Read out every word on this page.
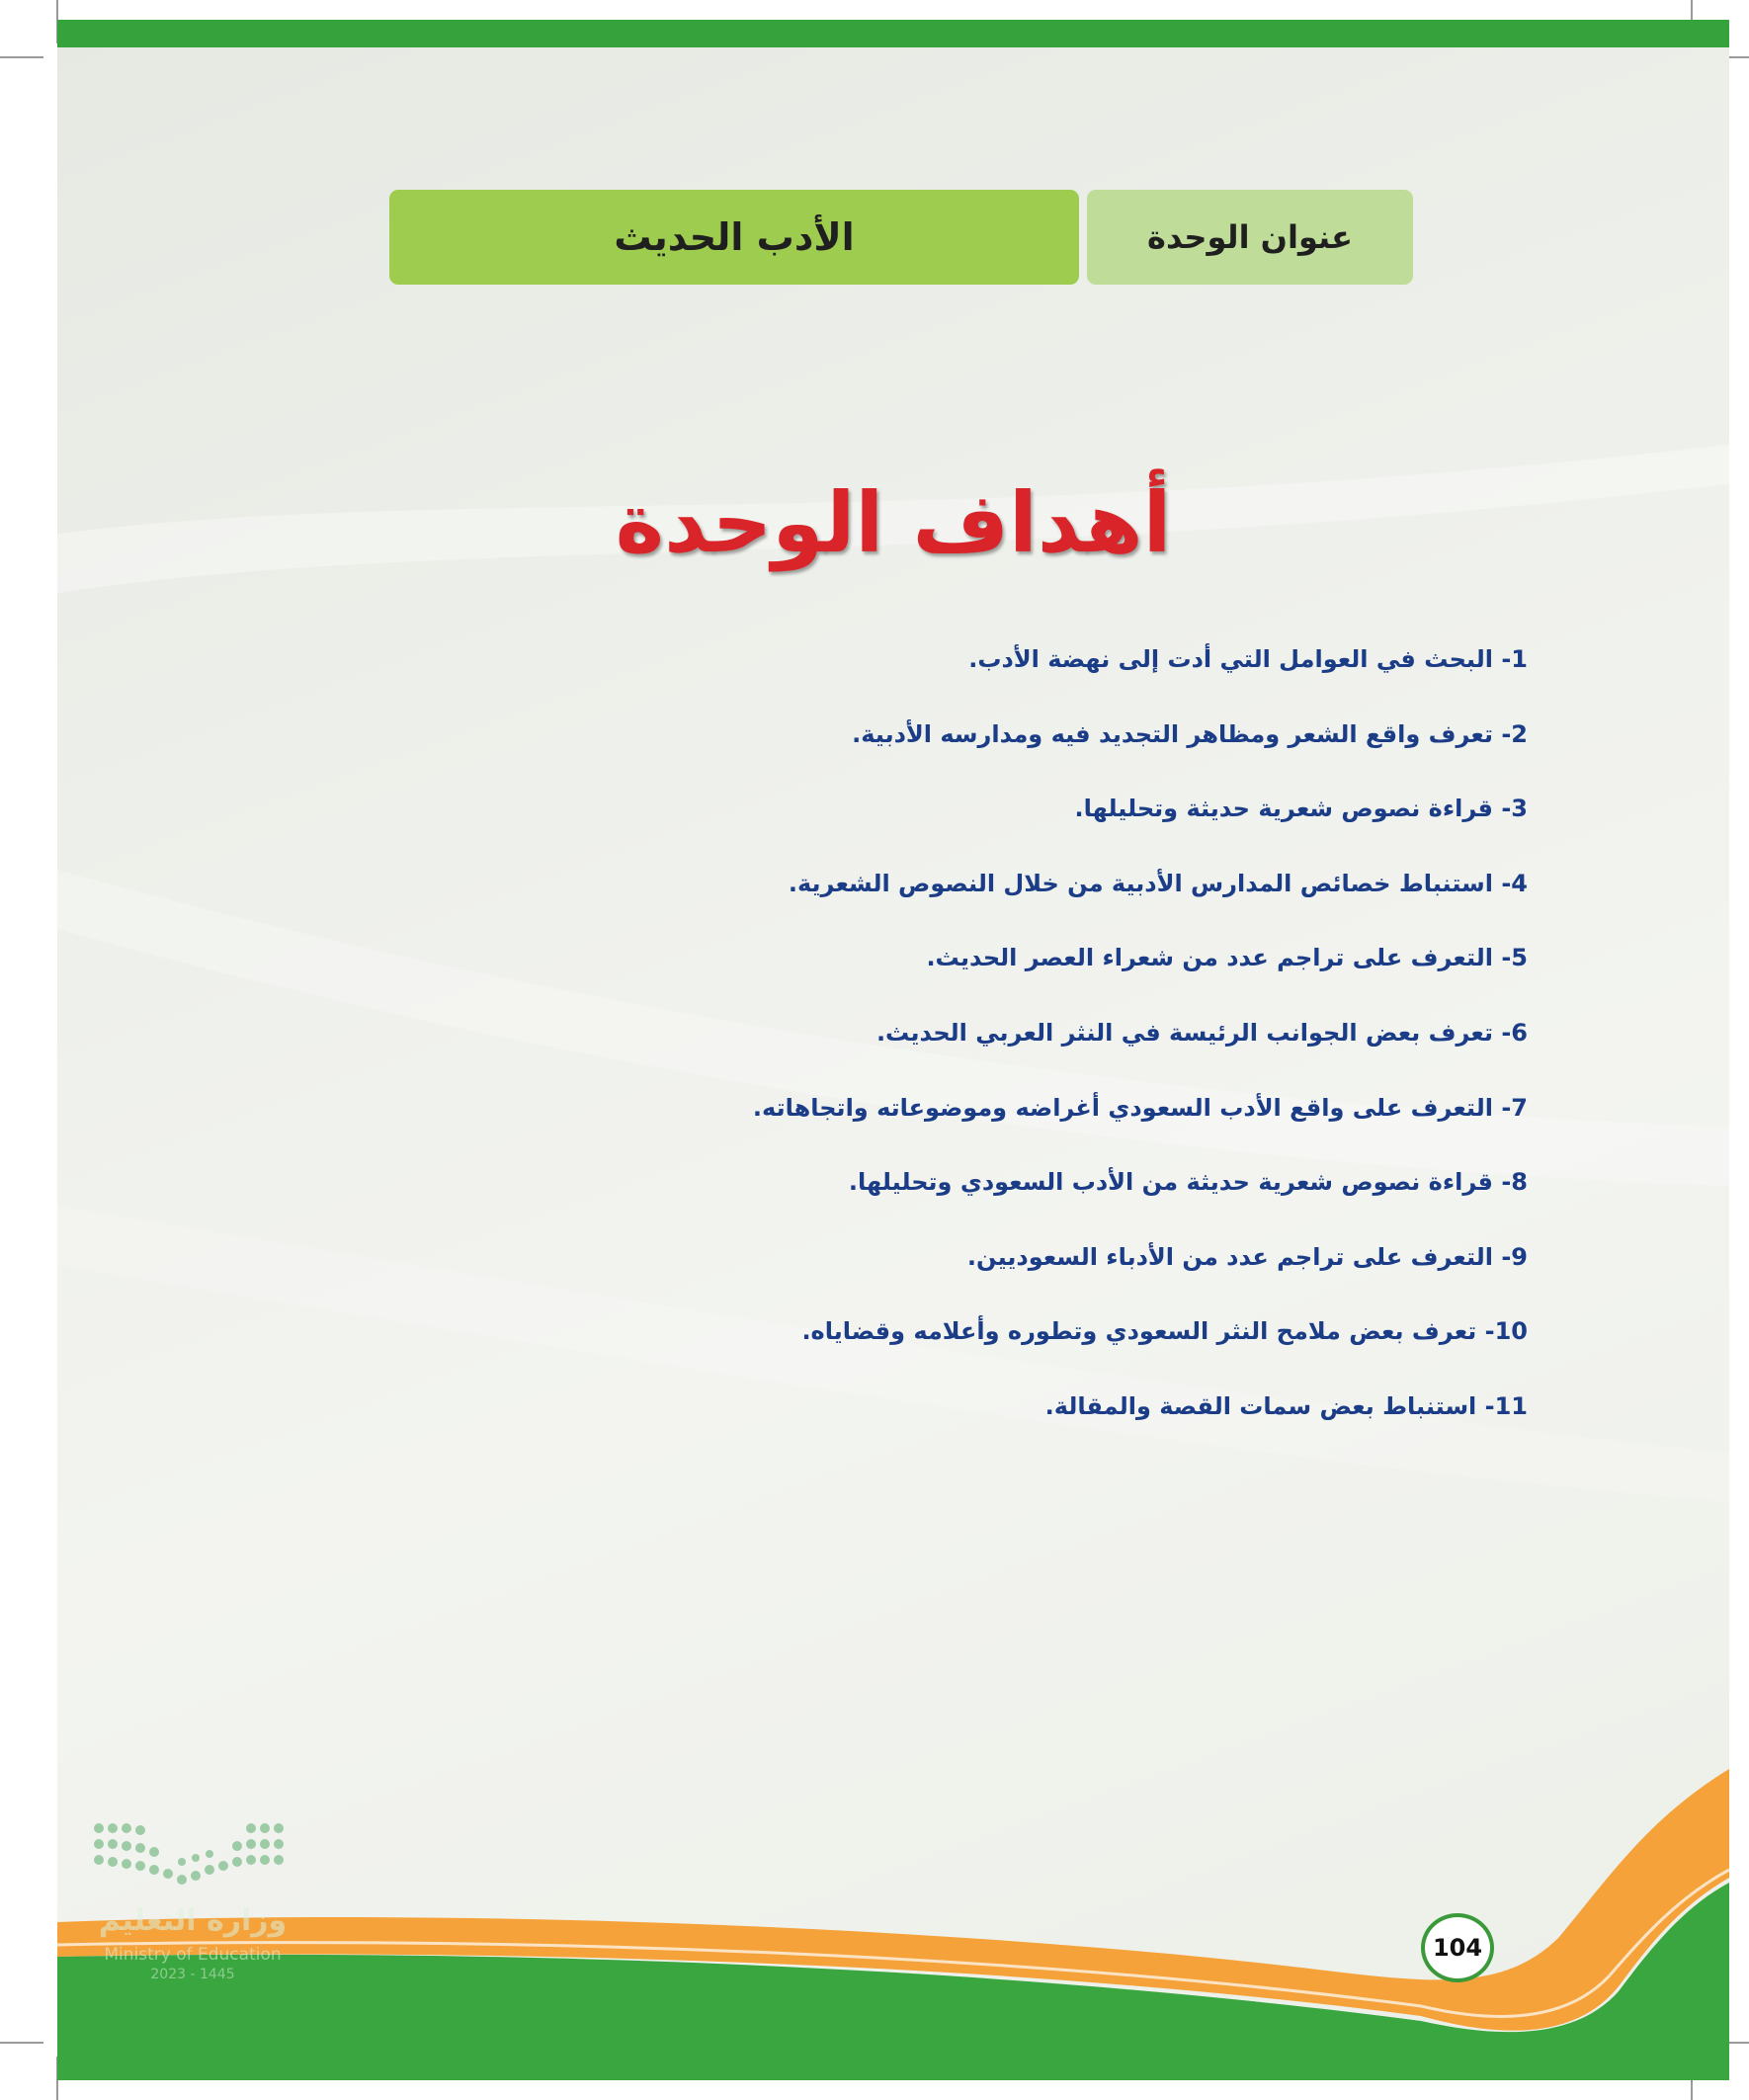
الأدب الحديث	عنوان الوحدة
أهداف الوحدة
1- البحث في العوامل التي أدت إلى نهضة الأدب.
2- تعرف واقع الشعر ومظاهر التجديد فيه ومدارسه الأدبية.
3- قراءة نصوص شعرية حديثة وتحليلها.
4- استنباط خصائص المدارس الأدبية من خلال النصوص الشعرية.
5- التعرف على تراجم عدد من شعراء العصر الحديث.
6- تعرف بعض الجوانب الرئيسة في النثر العربي الحديث.
7- التعرف على واقع الأدب السعودي أغراضه وموضوعاته واتجاهاته.
8- قراءة نصوص شعرية حديثة من الأدب السعودي وتحليلها.
9- التعرف على تراجم عدد من الأدباء السعوديين.
10- تعرف بعض ملامح النثر السعودي وتطوره وأعلامه وقضاياه.
11- استنباط بعض سمات القصة والمقالة.
104
وزارة التعليم
Ministry of Education
2023 - 1445
